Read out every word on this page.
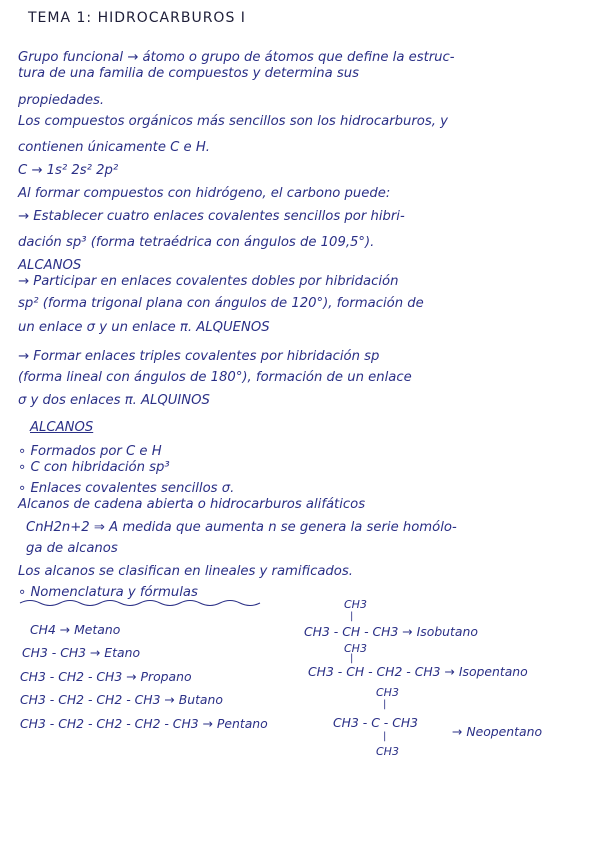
TEMA 1: HIDROCARBUROS I
Grupo funcional → átomo o grupo de átomos que define la estruc-
tura de una familia de compuestos y determina sus
propiedades.
Los compuestos orgánicos más sencillos son los hidrocarburos, y
contienen únicamente C e H.
C → 1s² 2s² 2p²
Al formar compuestos con hidrógeno, el carbono puede:
→ Establecer cuatro enlaces covalentes sencillos por hibri-
dación sp³ (forma tetraédrica con ángulos de 109,5°).
ALCANOS
→ Participar en enlaces covalentes dobles por hibridación
sp² (forma trigonal plana con ángulos de 120°), formación de
un enlace σ y un enlace π. ALQUENOS
→ Formar enlaces triples covalentes por hibridación sp
(forma lineal con ángulos de 180°), formación de un enlace
σ y dos enlaces π. ALQUINOS
ALCANOS
∘ Formados por C e H
∘ C con hibridación sp³
∘ Enlaces covalentes sencillos σ.
Alcanos de cadena abierta o hidrocarburos alifáticos
CnH2n+2 ⇒ A medida que aumenta n se genera la serie homólo-
ga de alcanos
Los alcanos se clasifican en lineales y ramificados.
∘ Nomenclatura y fórmulas
CH4 → Metano
CH3 - CH3 → Etano
CH3 - CH2 - CH3 → Propano
CH3 - CH2 - CH2 - CH3 → Butano
CH3 - CH2 - CH2 - CH2 - CH3 → Pentano
CH3
|
CH3 - CH - CH3 → Isobutano
CH3
|
CH3 - CH - CH2 - CH3 → Isopentano
CH3
|
CH3 - C - CH3
|
CH3
→ Neopentano
